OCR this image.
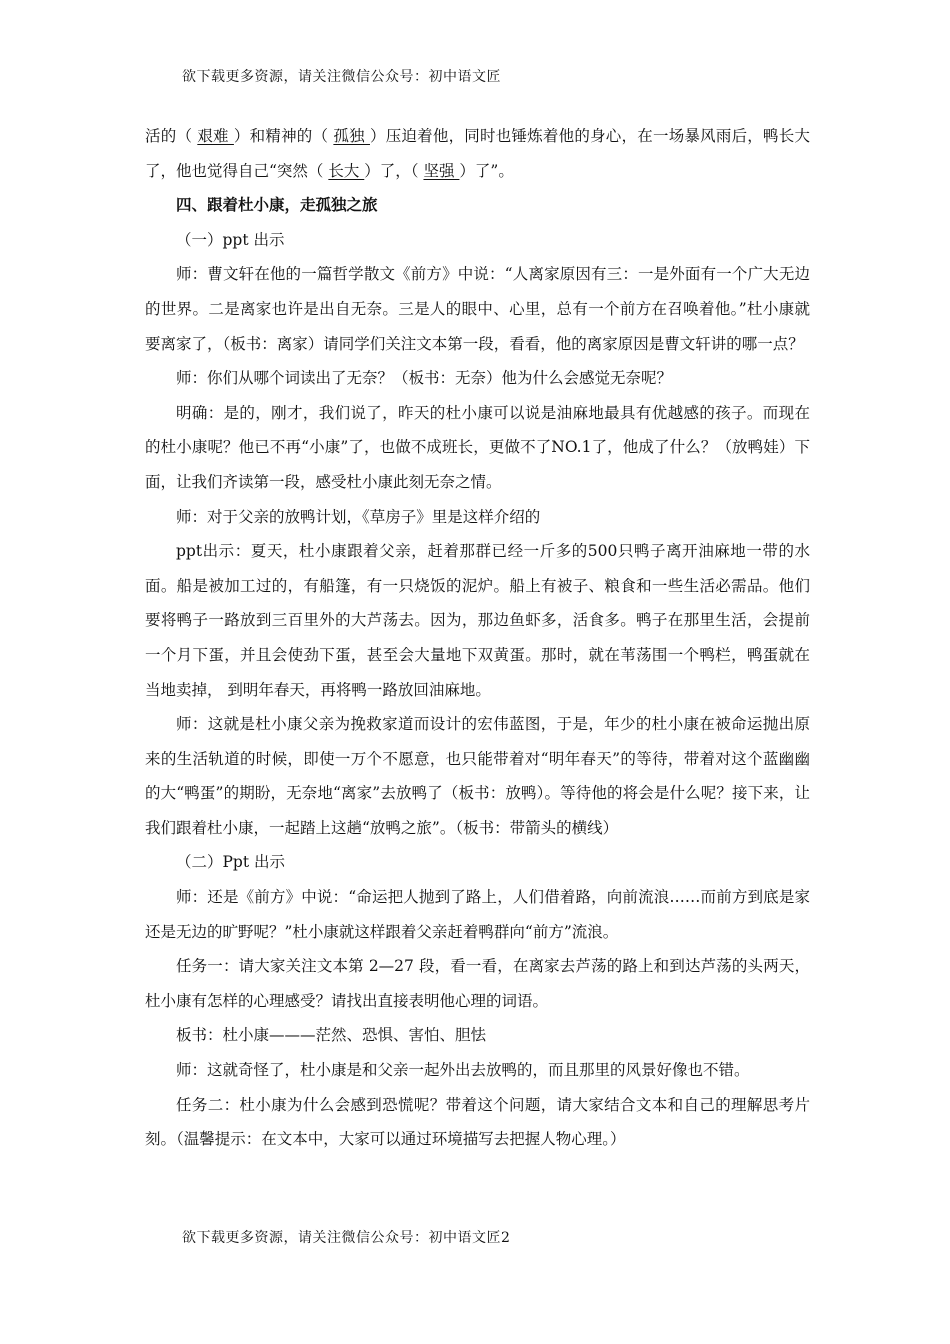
欲下载更多资源，请关注微信公众号：初中语文匠

活的（ 艰难 ）和精神的（ 孤独 ）压迫着他，同时也锤炼着他的身心，在一场暴风雨后，鸭长大了，他也觉得自己“突然（ 长大 ）了，（ 坚强 ）了”。

四、跟着杜小康，走孤独之旅

（一）ppt 出示

师：曹文轩在他的一篇哲学散文《前方》中说：“人离家原因有三：一是外面有一个广大无边的世界。二是离家也许是出自无奈。三是人的眼中、心里，总有一个前方在召唤着他。”杜小康就要离家了，（板书：离家）请同学们关注文本第一段，看看，他的离家原因是曹文轩讲的哪一点？

师：你们从哪个词读出了无奈？（板书：无奈）他为什么会感觉无奈呢？

明确：是的，刚才，我们说了，昨天的杜小康可以说是油麻地最具有优越感的孩子。而现在的杜小康呢？他已不再“小康”了，也做不成班长，更做不了NO.1了，他成了什么？（放鸭娃）下面，让我们齐读第一段，感受杜小康此刻无奈之情。

师：对于父亲的放鸭计划，《草房子》里是这样介绍的

ppt出示：夏天，杜小康跟着父亲，赶着那群已经一斤多的500只鸭子离开油麻地一带的水面。船是被加工过的，有船篷，有一只烧饭的泥炉。船上有被子、粮食和一些生活必需品。他们要将鸭子一路放到三百里外的大芦荡去。因为，那边鱼虾多，活食多。鸭子在那里生活，会提前一个月下蛋，并且会使劲下蛋，甚至会大量地下双黄蛋。那时，就在苇荡围一个鸭栏，鸭蛋就在当地卖掉， 到明年春天，再将鸭一路放回油麻地。

师：这就是杜小康父亲为挽救家道而设计的宏伟蓝图，于是，年少的杜小康在被命运抛出原来的生活轨道的时候，即使一万个不愿意，也只能带着对“明年春天”的等待，带着对这个蓝幽幽的大“鸭蛋”的期盼，无奈地“离家”去放鸭了（板书：放鸭）。等待他的将会是什么呢？接下来，让我们跟着杜小康，一起踏上这趟“放鸭之旅”。（板书：带箭头的横线）

（二）Ppt 出示

师：还是《前方》中说：“命运把人抛到了路上，人们借着路，向前流浪……而前方到底是家还是无边的旷野呢？”杜小康就这样跟着父亲赶着鸭群向“前方”流浪。

任务一：请大家关注文本第 2—27 段，看一看，在离家去芦荡的路上和到达芦荡的头两天，杜小康有怎样的心理感受？请找出直接表明他心理的词语。

板书：杜小康———茫然、恐惧、害怕、胆怯

师：这就奇怪了，杜小康是和父亲一起外出去放鸭的，而且那里的风景好像也不错。

任务二：杜小康为什么会感到恐慌呢？带着这个问题，请大家结合文本和自己的理解思考片刻。（温馨提示：在文本中，大家可以通过环境描写去把握人物心理。）

欲下载更多资源，请关注微信公众号：初中语文匠2
